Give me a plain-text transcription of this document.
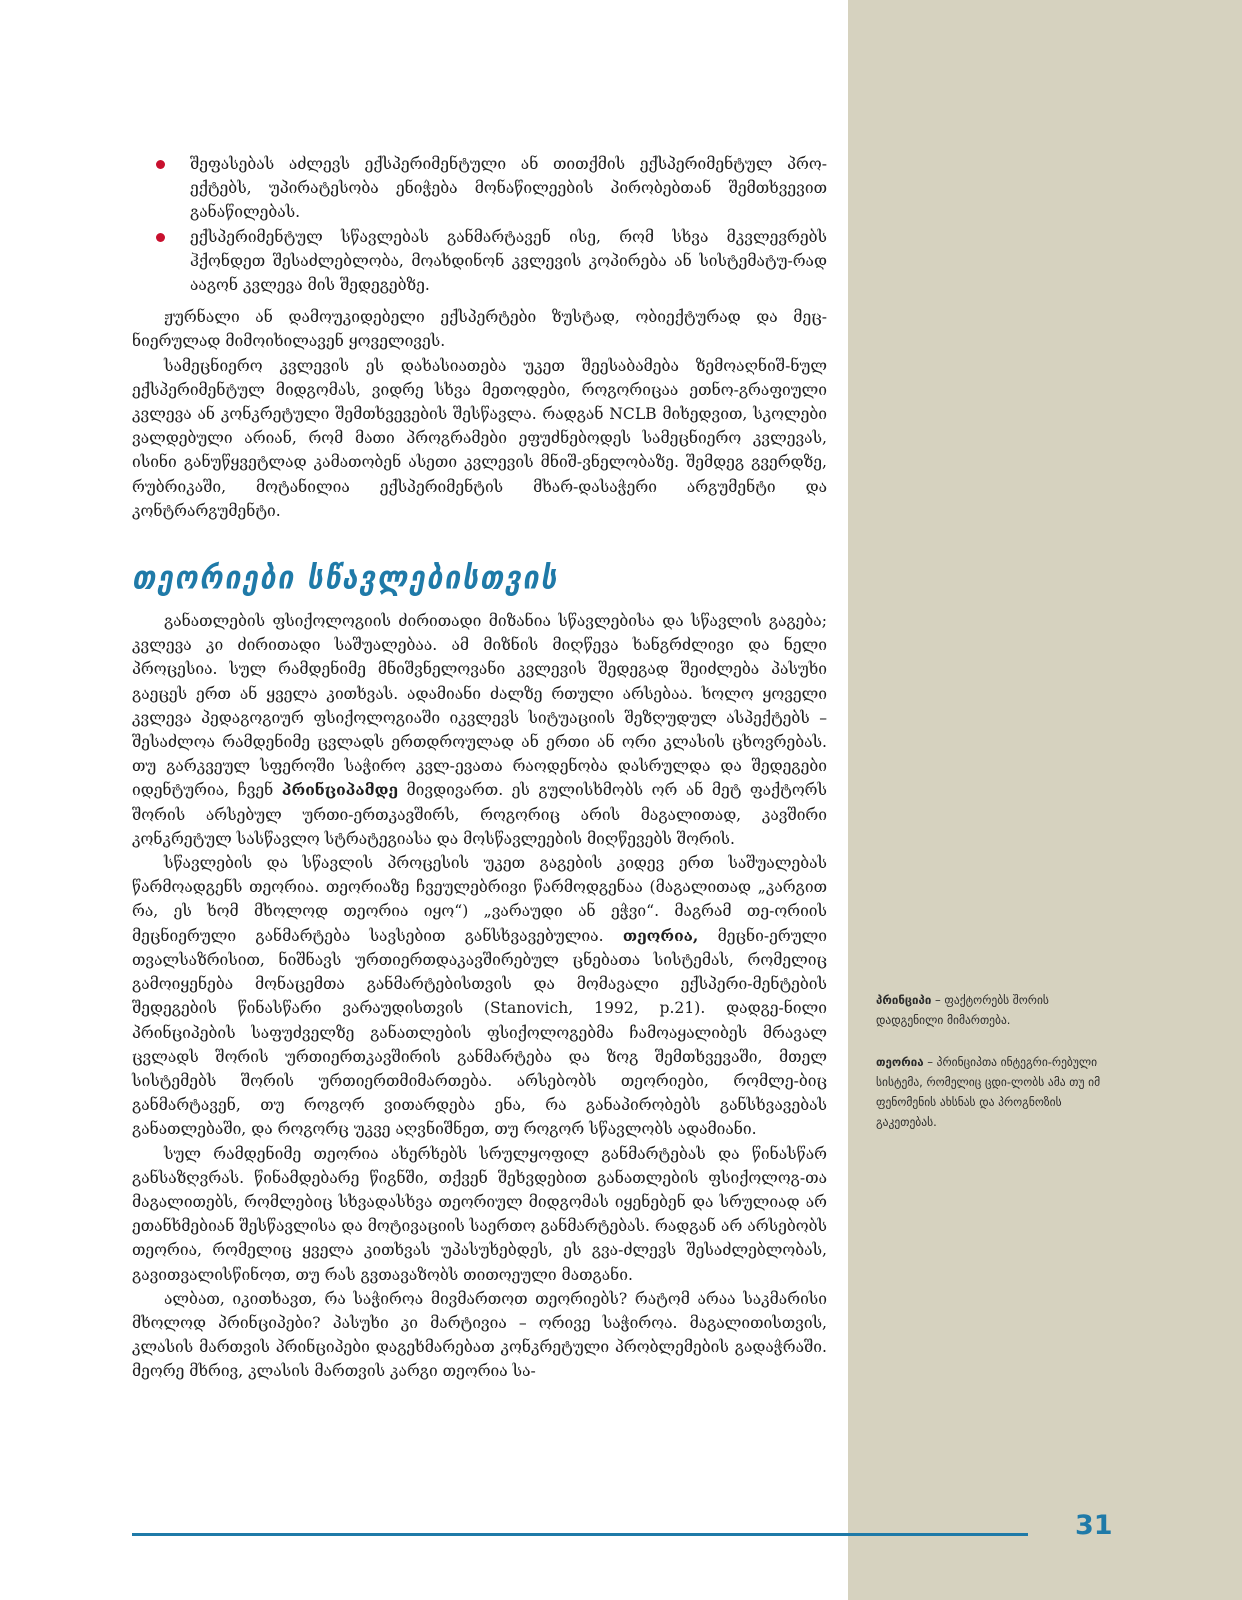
შეფასებას აძლევს ექსპერიმენტული ან თითქმის ექსპერიმენტულ პრო-ექტებს, უპირატესობა ენიჭება მონაწილეების პირობებთან შემთხვევით განაწილებას.
ექსპერიმენტულ სწავლებას განმარტავენ ისე, რომ სხვა მკვლევრებს ჰქონდეთ შესაძლებლობა, მოახდინონ კვლევის კოპირება ან სისტემატუ-რად ააგონ კვლევა მის შედეგებზე.

ჟურნალი ან დამოუკიდებელი ექსპერტები ზუსტად, ობიექტურად და მეც-ნიერულად მიმოიხილავენ ყოველივეს.

სამეცნიერო კვლევის ეს დახასიათება უკეთ შეესაბამება ზემოაღნიშ-ნულ ექსპერიმენტულ მიდგომას, ვიდრე სხვა მეთოდები, როგორიცაა ეთნო-გრაფიული კვლევა ან კონკრეტული შემთხვევების შესწავლა. რადგან NCLB მიხედვით, სკოლები ვალდებული არიან, რომ მათი პროგრამები ეფუძნებოდეს სამეცნიერო კვლევას, ისინი განუწყვეტლად კამათობენ ასეთი კვლევის მნიშ-ვნელობაზე. შემდეგ გვერდზე, რუბრიკაში, მოტანილია ექსპერიმენტის მხარ-დასაჭერი არგუმენტი და კონტრარგუმენტი.

თეორიები სწავლებისთვის

განათლების ფსიქოლოგიის ძირითადი მიზანია სწავლებისა და სწავლის გაგება; კვლევა კი ძირითადი საშუალებაა. ამ მიზნის მიღწევა ხანგრძლივი და ნელი პროცესია. სულ რამდენიმე მნიშვნელოვანი კვლევის შედეგად შეიძლება პასუხი გაეცეს ერთ ან ყველა კითხვას. ადამიანი ძალზე რთული არსებაა. ხოლო ყოველი კვლევა პედაგოგიურ ფსიქოლოგიაში იკვლევს სიტუაციის შეზღუდულ ასპექტებს – შესაძლოა რამდენიმე ცვლადს ერთდროულად ან ერთი ან ორი კლასის ცხოვრებას. თუ გარკვეულ სფეროში საჭირო კვლ-ევათა რაოდენობა დასრულდა და შედეგები იდენტურია, ჩვენ პრინციპამდე მივდივართ. ეს გულისხმობს ორ ან მეტ ფაქტორს შორის არსებულ ურთი-ერთკავშირს, როგორიც არის მაგალითად, კავშირი კონკრეტულ სასწავლო სტრატეგიასა და მოსწავლეების მიღწევებს შორის.

სწავლების და სწავლის პროცესის უკეთ გაგების კიდევ ერთ საშუალებას წარმოადგენს თეორია. თეორიაზე ჩვეულებრივი წარმოდგენაა (მაგალითად „კარგით რა, ეს ხომ მხოლოდ თეორია იყო“) „ვარაუდი ან ეჭვი“. მაგრამ თე-ორიის მეცნიერული განმარტება სავსებით განსხვავებულია. თეორია, მეცნი-ერული თვალსაზრისით, ნიშნავს ურთიერთდაკავშირებულ ცნებათა სისტემას, რომელიც გამოიყენება მონაცემთა განმარტებისთვის და მომავალი ექსპერი-მენტების შედეგების წინასწარი ვარაუდისთვის (Stanovich, 1992, p.21). დადგე-ნილი პრინციპების საფუძველზე განათლების ფსიქოლოგებმა ჩამოაყალიბეს მრავალ ცვლადს შორის ურთიერთკავშირის განმარტება და ზოგ შემთხვევაში, მთელ სისტემებს შორის ურთიერთმიმართება. არსებობს თეორიები, რომლე-ბიც განმარტავენ, თუ როგორ ვითარდება ენა, რა განაპირობებს განსხვავებას განათლებაში, და როგორც უკვე აღვნიშნეთ, თუ როგორ სწავლობს ადამიანი.

სულ რამდენიმე თეორია ახერხებს სრულყოფილ განმარტებას და წინასწარ განსაზღვრას. წინამდებარე წიგნში, თქვენ შეხვდებით განათლების ფსიქოლოგ-თა მაგალითებს, რომლებიც სხვადასხვა თეორიულ მიდგომას იყენებენ და სრულიად არ ეთანხმებიან შესწავლისა და მოტივაციის საერთო განმარტებას. რადგან არ არსებობს თეორია, რომელიც ყველა კითხვას უპასუხებდეს, ეს გვა-ძლევს შესაძლებლობას, გავითვალისწინოთ, თუ რას გვთავაზობს თითოეული მათგანი.

ალბათ, იკითხავთ, რა საჭიროა მივმართოთ თეორიებს? რატომ არაა საკმარისი მხოლოდ პრინციპები? პასუხი კი მარტივია – ორივე საჭიროა. მაგალითისთვის, კლასის მართვის პრინციპები დაგეხმარებათ კონკრეტული პრობლემების გადაჭრაში. მეორე მხრივ, კლასის მართვის კარგი თეორია სა-

პრინციპი – ფაქტორებს შორის დადგენილი მიმართება.
თეორია – პრინციპთა ინტეგრი-რებული სისტემა, რომელიც ცდი-ლობს ამა თუ იმ ფენომენის ახსნას და პროგნოზის გაკეთებას.
31
